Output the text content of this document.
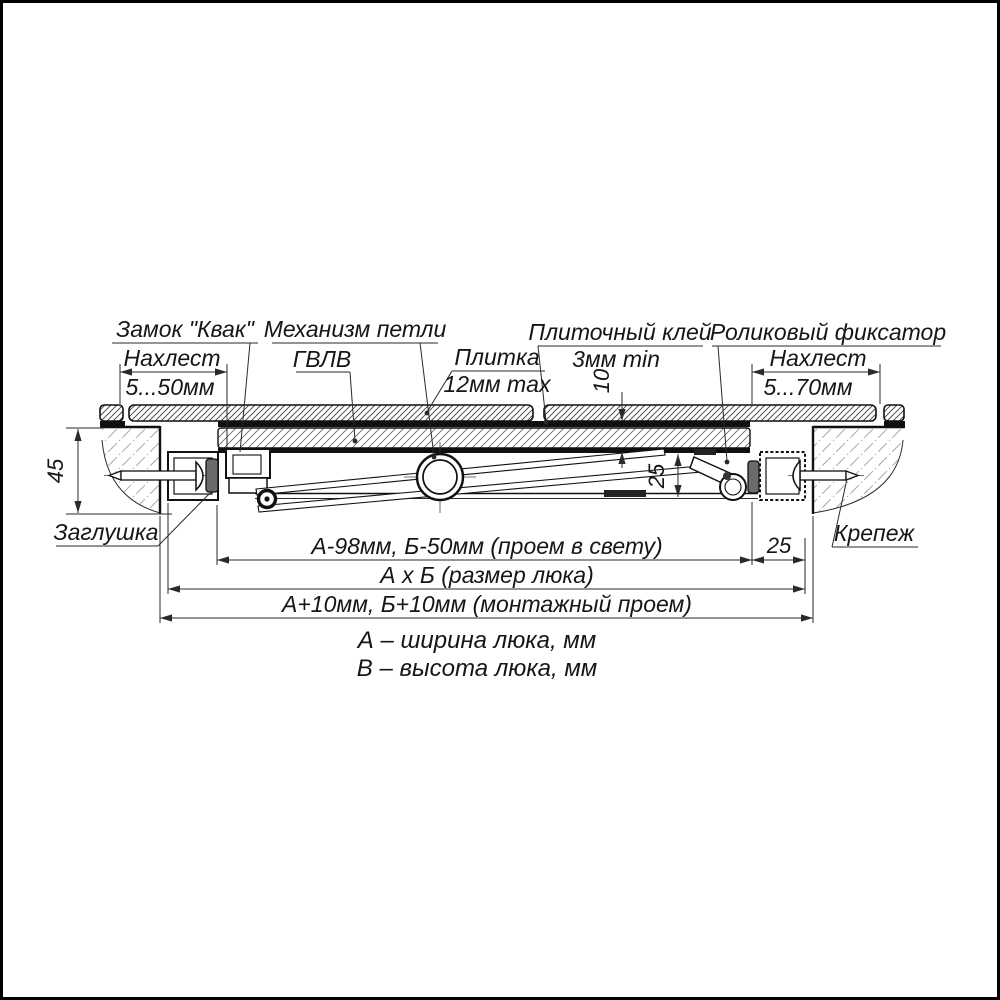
Замок "Квак" Механизм петли
ГВЛВ	Плитка
12мм max
Плиточный клей
3мм min
Роликовый фиксатор
Нахлест
5...50мм
Нахлест
5...70мм
Заглушка	Крепеж
45
10
25
25
А-98мм, Б-50мм (проем в свету)
А х Б (размер люка)
А+10мм, Б+10мм (монтажный проем)
А – ширина люка, мм
В – высота люка, мм
